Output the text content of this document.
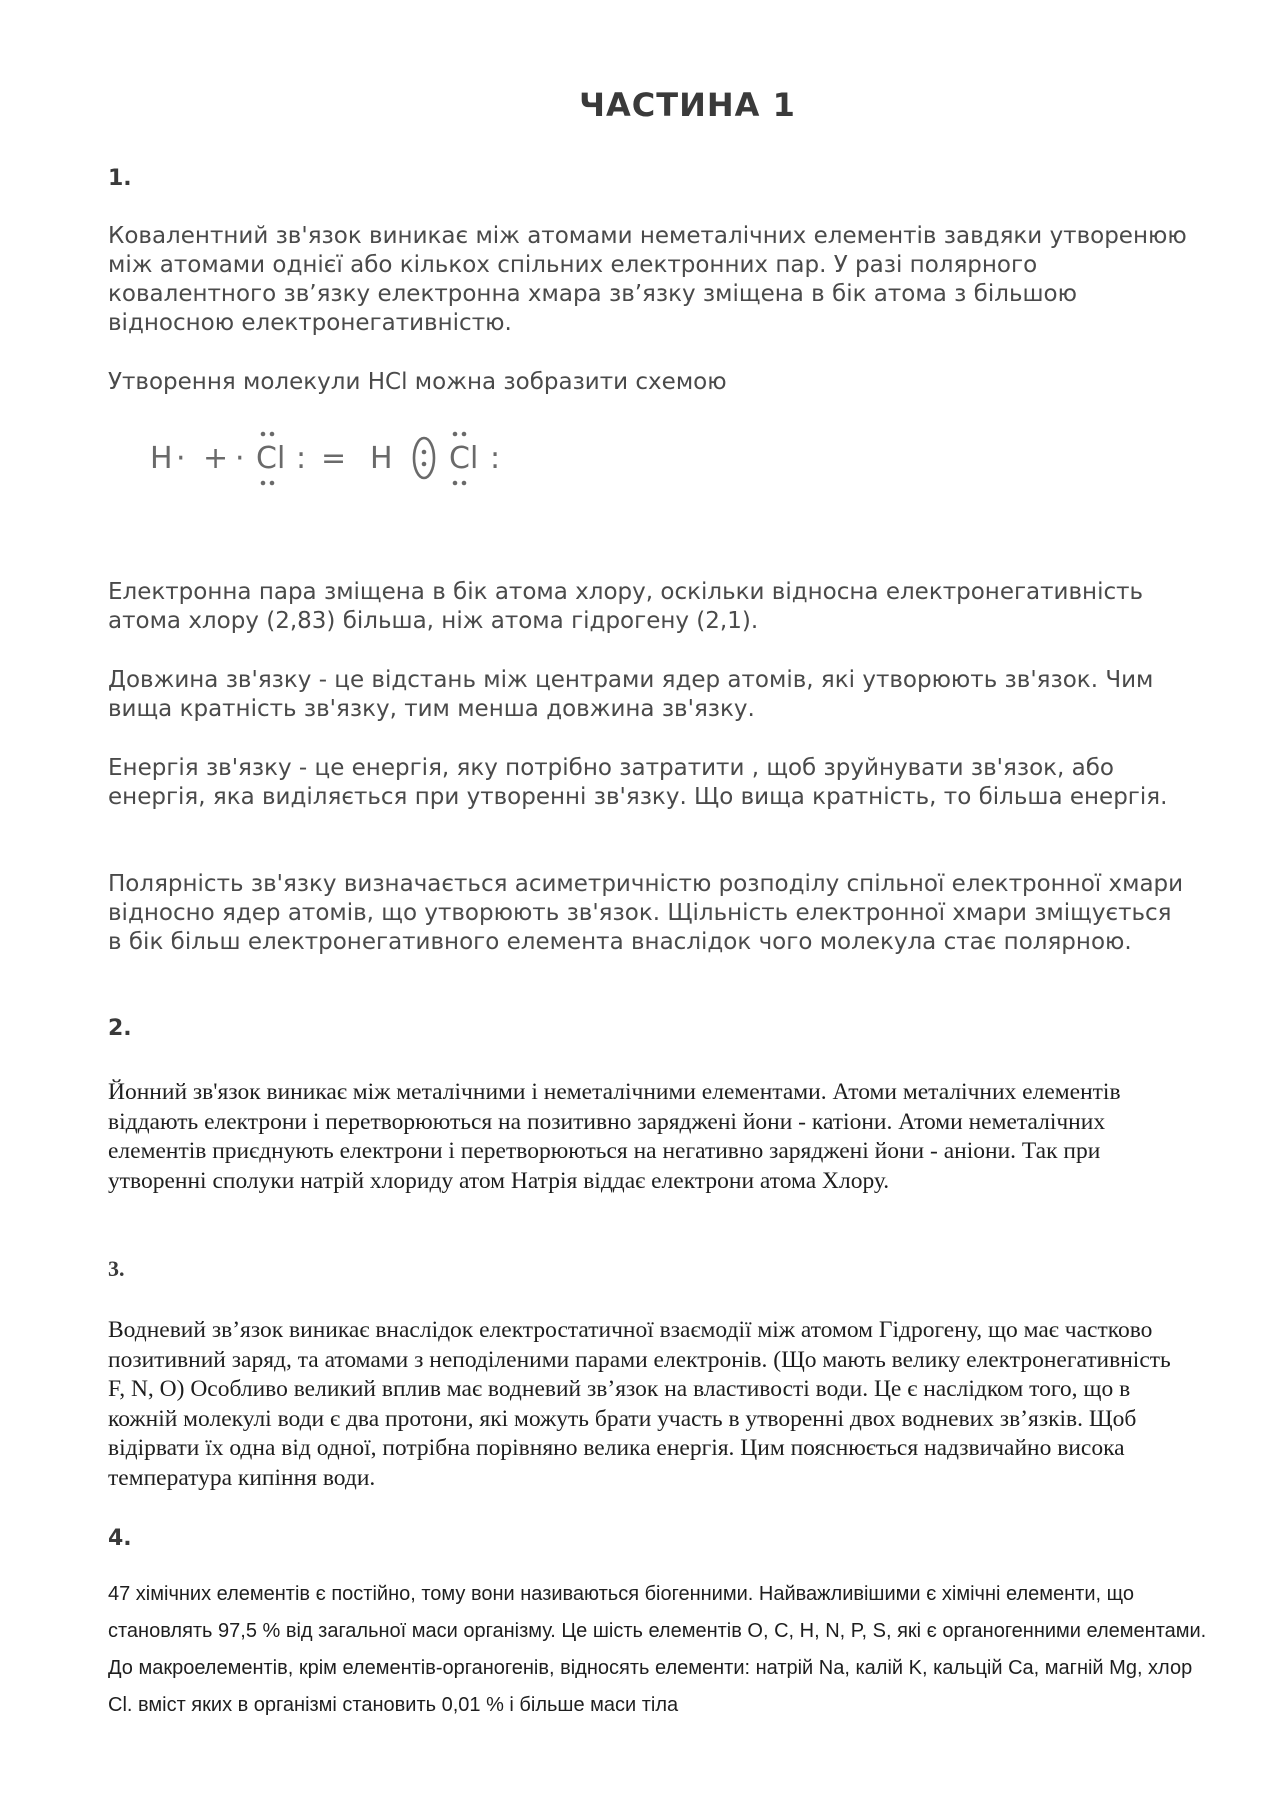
ЧАСТИНА 1
1.

Ковалентний зв'язок виникає між атомами неметалічних елементів завдяки утворенюю між атомами однієї або кількох спільних електронних пар. У разі полярного ковалентного зв’язку електронна хмара зв’язку зміщена в бік атома з більшою відносною електронегативністю.

Утворення молекули HCl можна зобразити схемою

H · + · Cl : = H Cl :

Електронна пара зміщена в бік атома хлору, оскільки відносна електронегативність атома хлору (2,83) більша, ніж атома гідрогену (2,1).

Довжина зв'язку - це відстань між центрами ядер атомів, які утворюють зв'язок. Чим вища кратність зв'язку, тим менша довжина зв'язку.

Енергія зв'язку - це енергія, яку потрібно затратити , щоб зруйнувати зв'язок, або енергія, яка виділяється при утворенні зв'язку. Що вища кратність, то більша енергія.

Полярність зв'язку визначається асиметричністю розподілу спільної електронної хмари відносно ядер атомів, що утворюють зв'язок. Щільність електронної хмари зміщується в бік більш електронегативного елемента внаслідок чого молекула стає полярною.

2.

Йонний зв'язок виникає між металічними і неметалічними елементами. Атоми металічних елементів віддають електрони і перетворюються на позитивно заряджені йони - катіони. Атоми неметалічних елементів приєднують електрони і перетворюються на негативно заряджені йони - аніони. Так при утворенні сполуки натрій хлориду атом Натрія віддає електрони атома Хлору.

3.

Водневий зв’язок виникає внаслідок електростатичної взаємодії між атомом Гідрогену, що має частково позитивний заряд, та атомами з неподіленими парами електронів. (Що мають велику електронегативність F, N, O) Особливо великий вплив має водневий зв’язок на властивості води. Це є наслідком того, що в кожній молекулі води є два протони, які можуть брати участь в утворенні двох водневих зв’язків. Щоб відірвати їх одна від одної, потрібна порівняно велика енергія. Цим пояснюється надзвичайно висока температура кипіння води.

4.

47 хімічних елементів є постійно, тому вони називаються біогенними. Найважливішими є хімічні елементи, що становлять 97,5 % від загальної маси організму. Це шість елементів O, C, H, N, P, S, які є органогенними елементами. До макроелементів, крім елементів-органогенів, відносять елементи: натрій Na, калій K, кальцій Ca, магній Mg, хлор Cl. вміст яких в організмі становить 0,01 % і більше маси тіла
